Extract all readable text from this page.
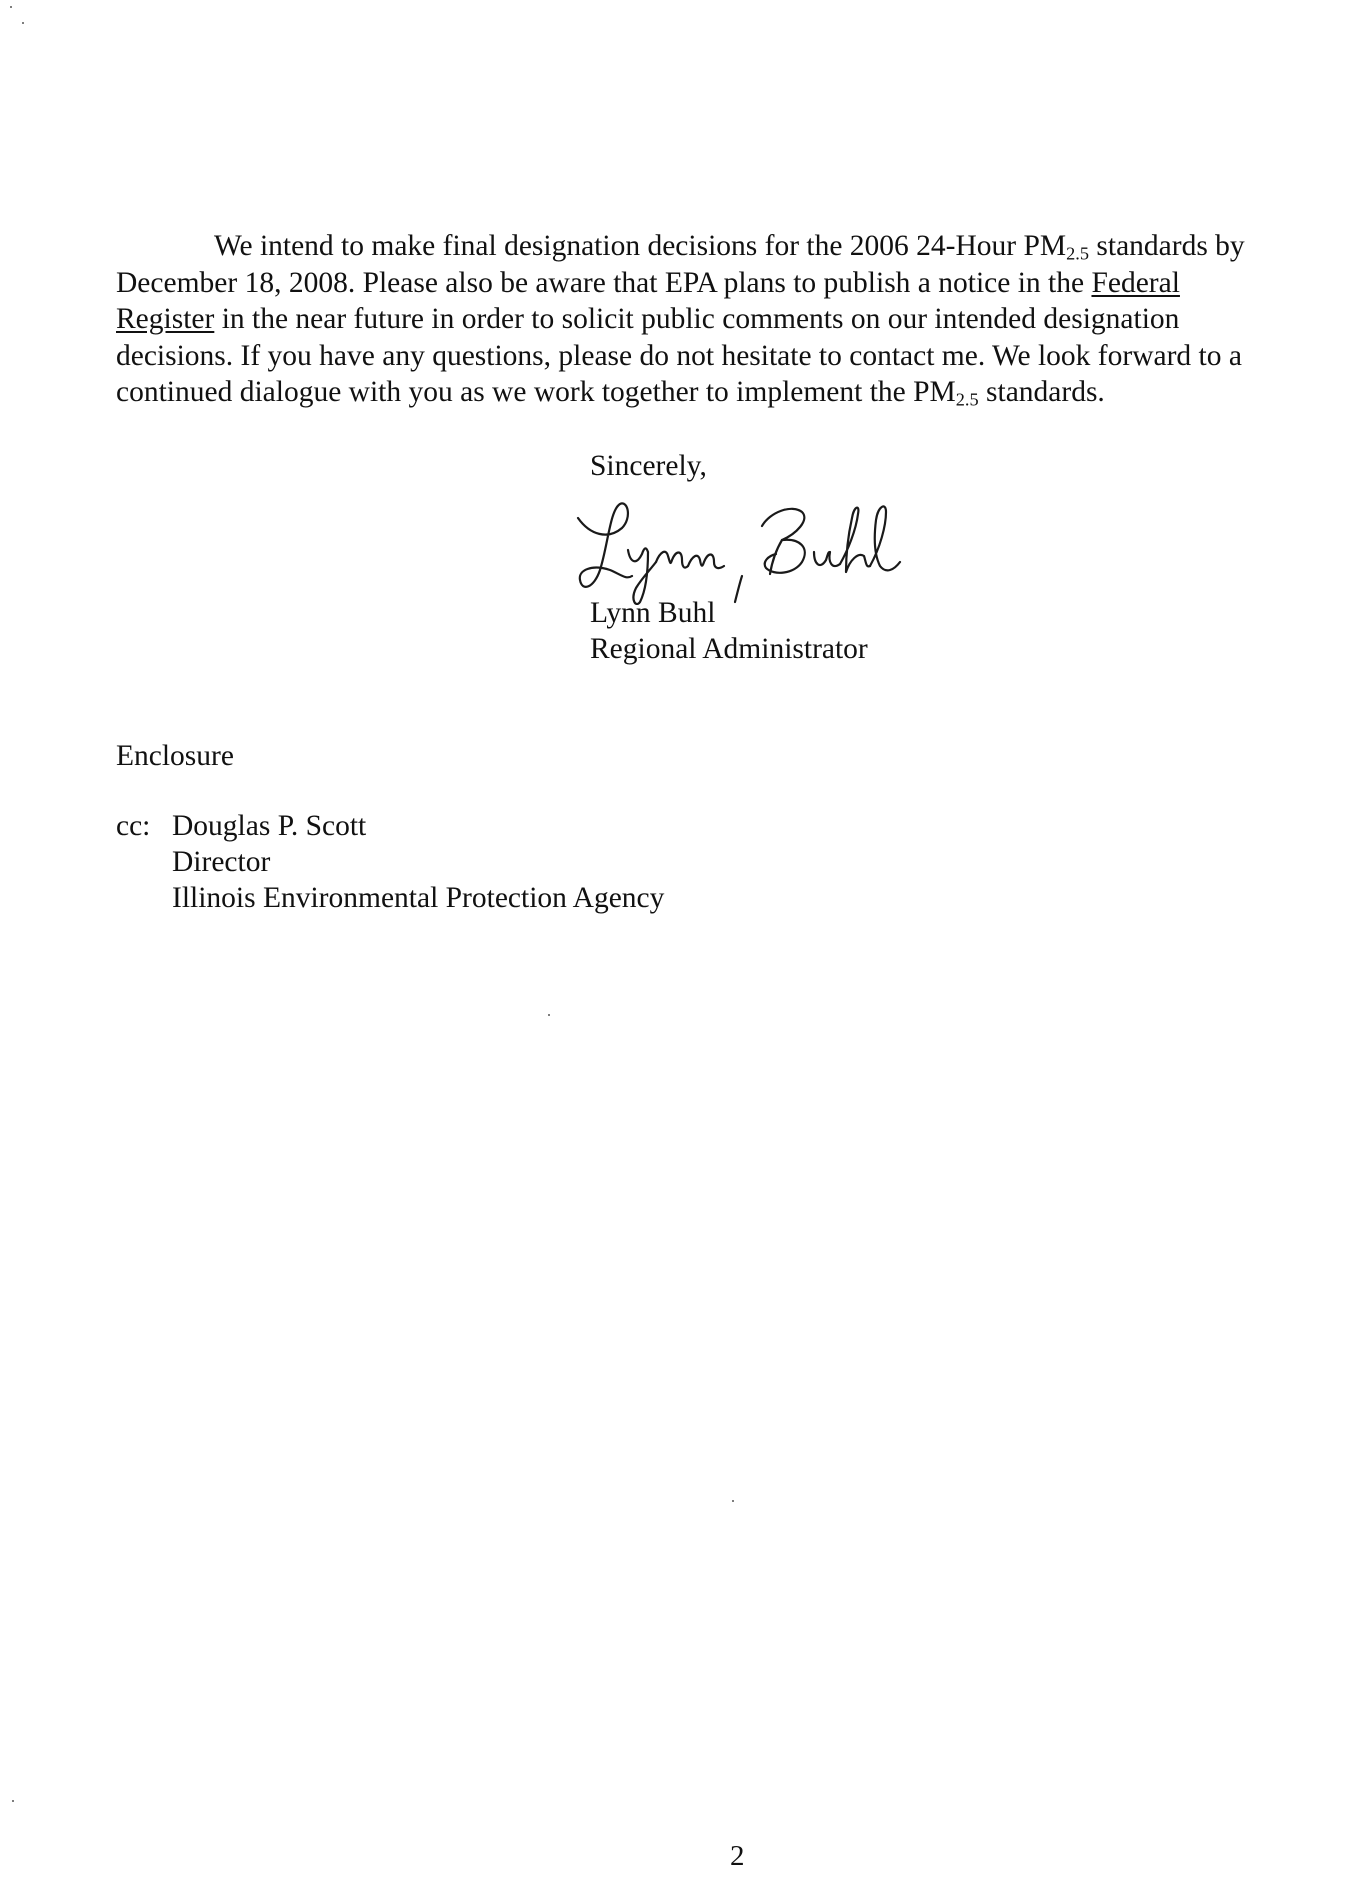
We intend to make final designation decisions for the 2006 24-Hour $PM_{2.5}$ standards by
December 18, 2008. Please also be aware that EPA plans to publish a notice in the Federal
Register in the near future in order to solicit public comments on our intended designation
decisions. If you have any questions, please do not hesitate to contact me. We look forward to a
continued dialogue with you as we work together to implement the $PM_{2.5}$ standards.
Sincerely,
Lynn Buhl
Regional Administrator
Enclosure
cc: Douglas P. Scott
Director
Illinois Environmental Protection Agency
2
